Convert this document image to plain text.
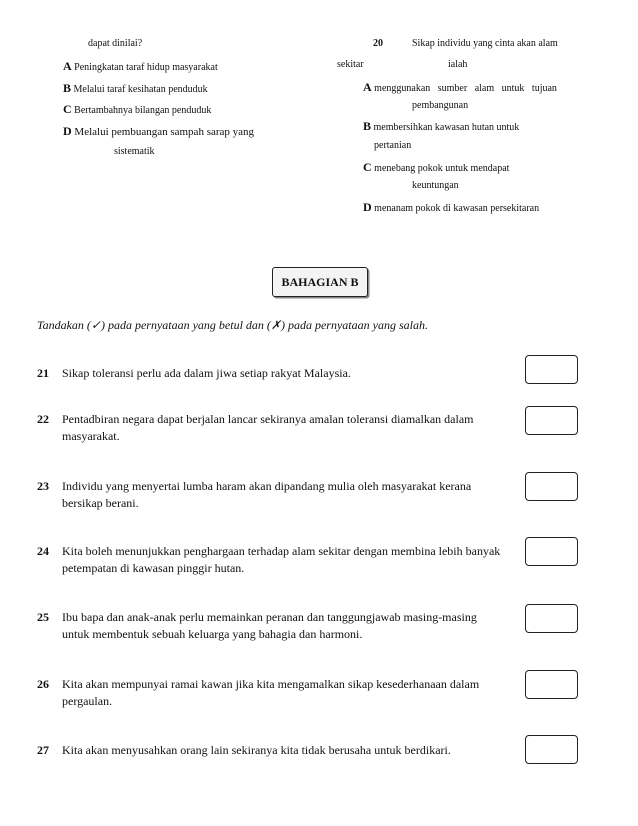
dapat dinilai?
A Peningkatan taraf hidup masyarakat
B Melalui taraf kesihatan penduduk
C Bertambahnya bilangan penduduk
D Melalui pembuangan sampah sarap yang
sistematik
20	Sikap individu yang cinta akan alam
sekitar	ialah
A menggunakan   sumber   alam   untuk   tujuan
pembangunan
B membersihkan kawasan hutan untuk
pertanian
C menebang pokok untuk mendapat
keuntungan
D menanam pokok di kawasan persekitaran
BAHAGIAN B
Tandakan (✓) pada pernyataan yang betul dan (✗) pada pernyataan yang salah.
21 Sikap toleransi perlu ada dalam jiwa setiap rakyat Malaysia.
22 Pentadbiran negara dapat berjalan lancar sekiranya amalan toleransi diamalkan dalam masyarakat.
23 Individu yang menyertai lumba haram akan dipandang mulia oleh masyarakat kerana bersikap berani.
24 Kita boleh menunjukkan penghargaan terhadap alam sekitar dengan membina lebih banyak petempatan di kawasan pinggir hutan.
25 Ibu bapa dan anak-anak perlu memainkan peranan dan tanggungjawab masing-masing untuk membentuk sebuah keluarga yang bahagia dan harmoni.
26 Kita akan mempunyai ramai kawan jika kita mengamalkan sikap kesederhanaan dalam pergaulan.
27 Kita akan menyusahkan orang lain sekiranya kita tidak berusaha untuk berdikari.
